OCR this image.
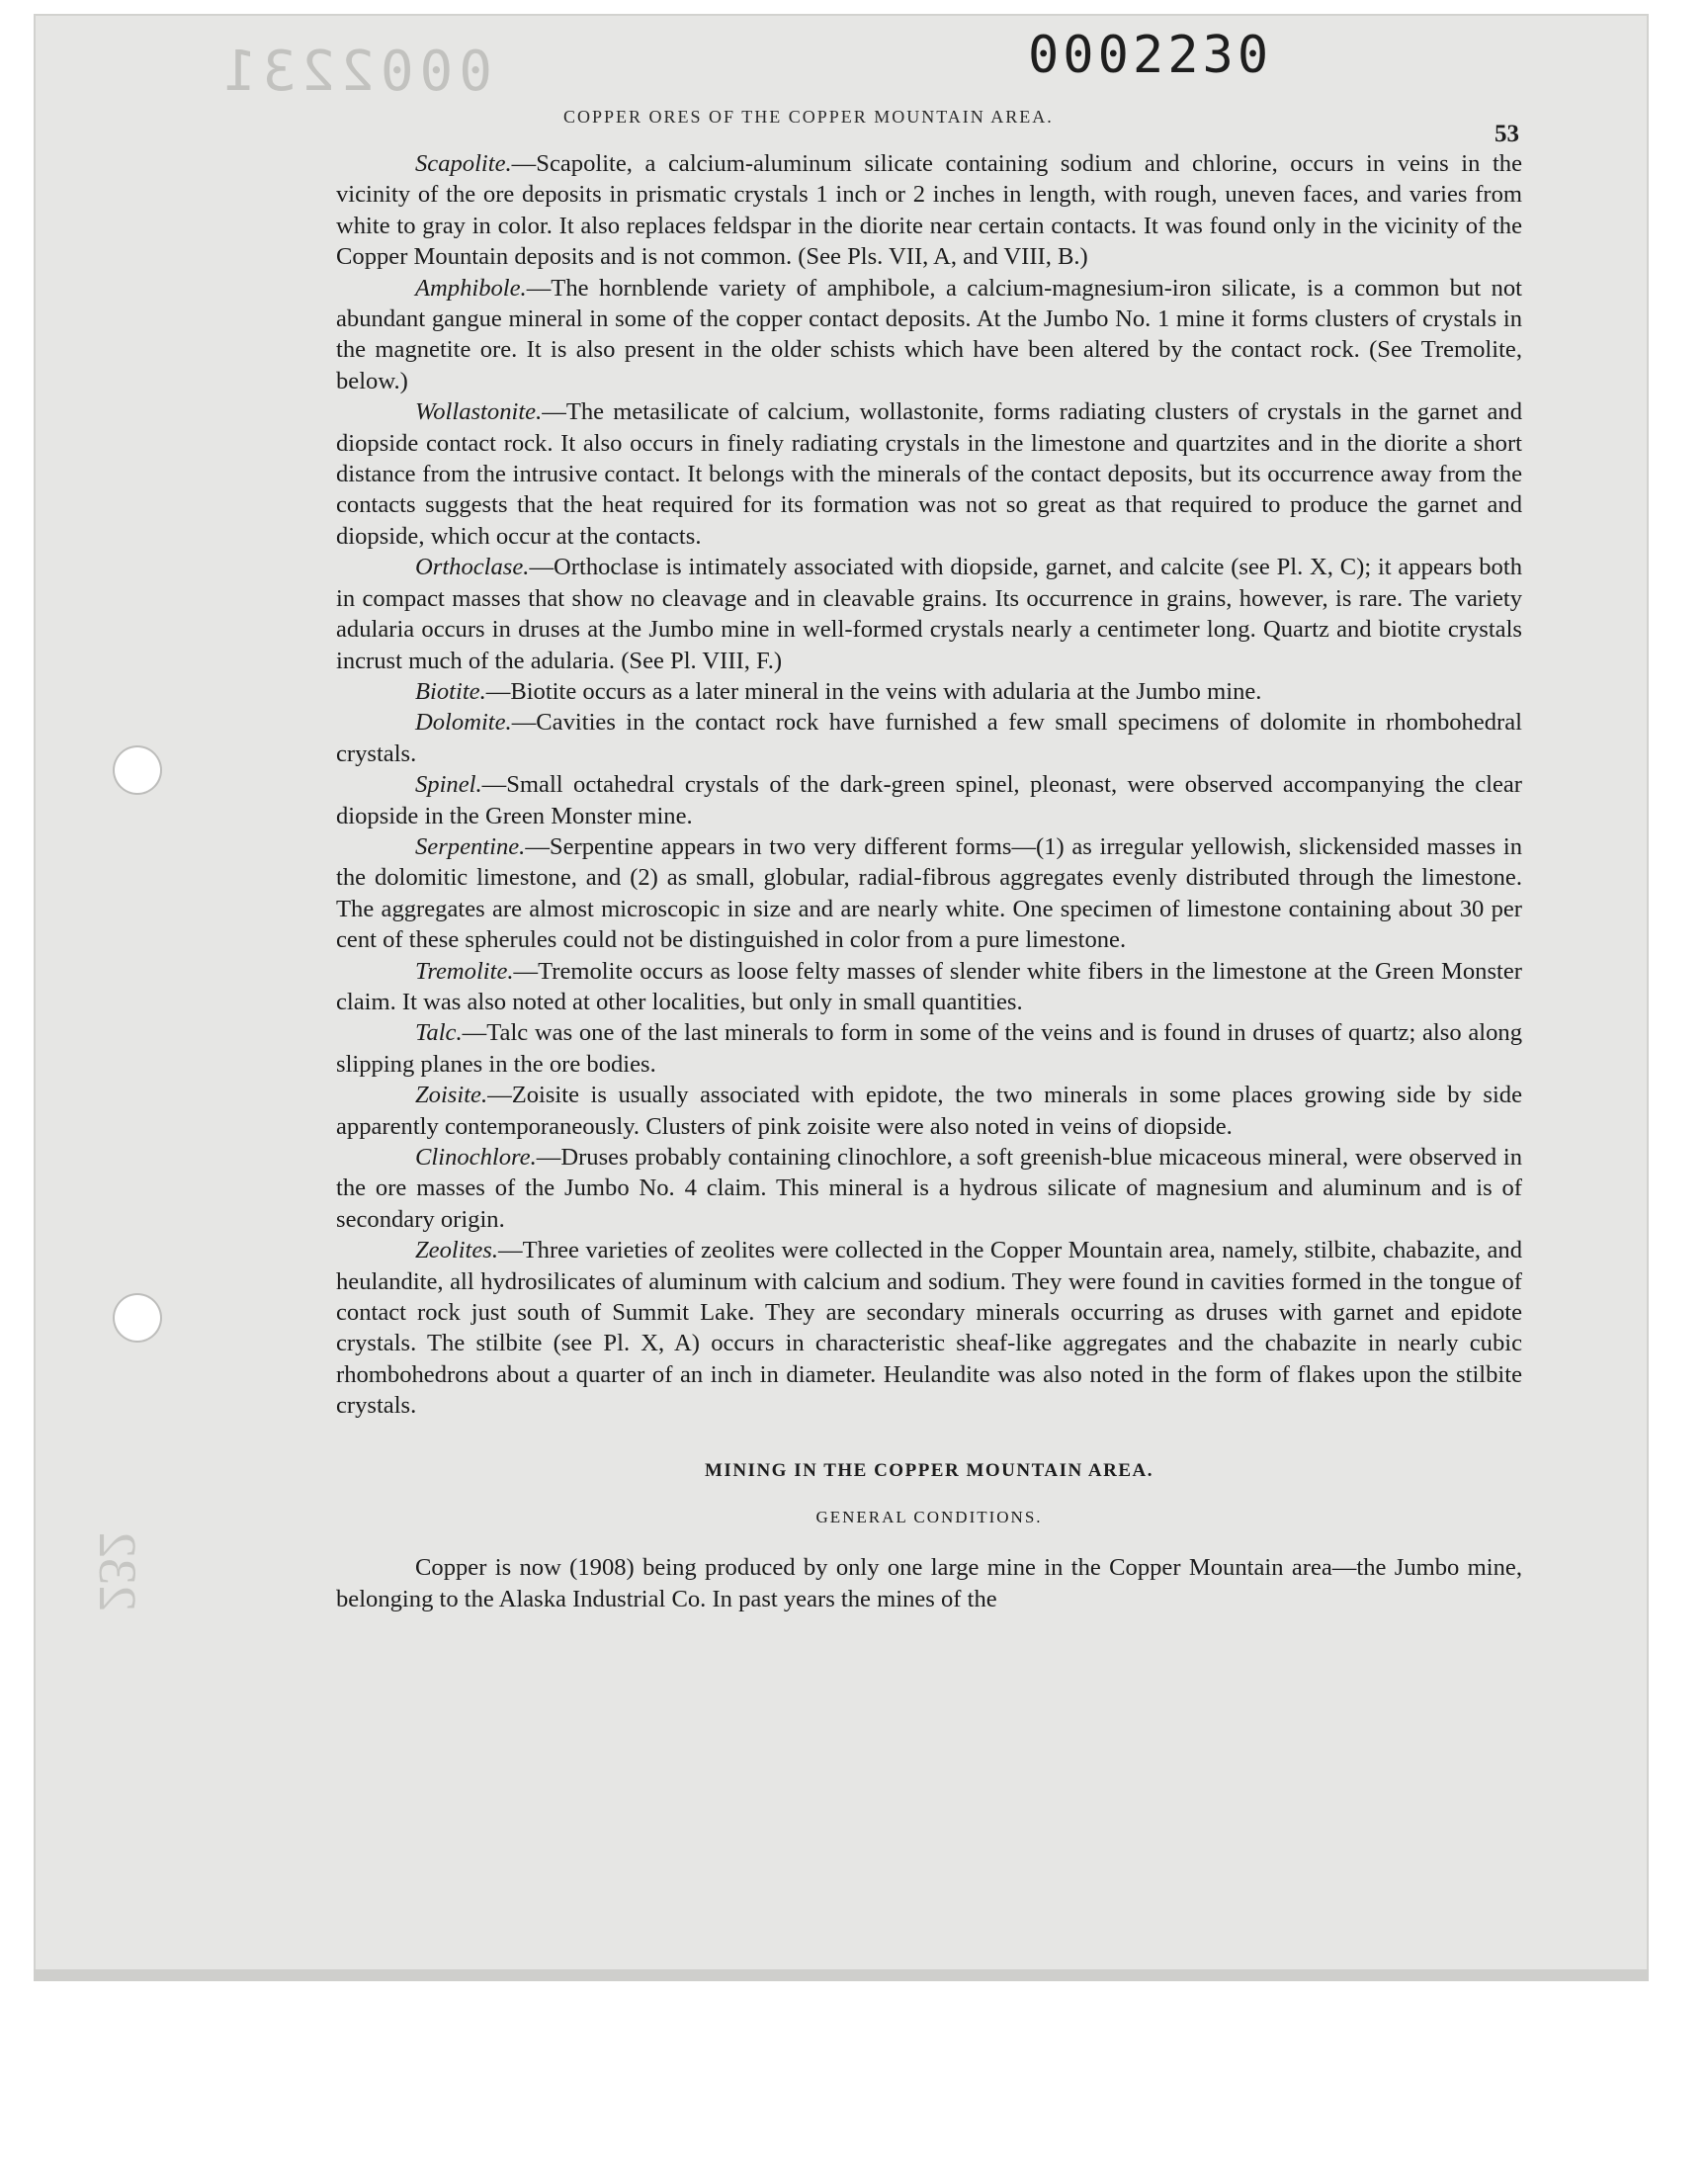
0002231	0002230
232
COPPER ORES OF THE COPPER MOUNTAIN AREA.
53

Scapolite.—Scapolite, a calcium-aluminum silicate containing sodium and chlorine, occurs in veins in the vicinity of the ore deposits in prismatic crystals 1 inch or 2 inches in length, with rough, uneven faces, and varies from white to gray in color. It also replaces feldspar in the diorite near certain contacts. It was found only in the vicinity of the Copper Mountain deposits and is not common. (See Pls. VII, A, and VIII, B.)

Amphibole.—The hornblende variety of amphibole, a calcium-magnesium-iron silicate, is a common but not abundant gangue mineral in some of the copper contact deposits. At the Jumbo No. 1 mine it forms clusters of crystals in the magnetite ore. It is also present in the older schists which have been altered by the contact rock. (See Tremolite, below.)

Wollastonite.—The metasilicate of calcium, wollastonite, forms radiating clusters of crystals in the garnet and diopside contact rock. It also occurs in finely radiating crystals in the limestone and quartzites and in the diorite a short distance from the intrusive contact. It belongs with the minerals of the contact deposits, but its occurrence away from the contacts suggests that the heat required for its formation was not so great as that required to produce the garnet and diopside, which occur at the contacts.

Orthoclase.—Orthoclase is intimately associated with diopside, garnet, and calcite (see Pl. X, C); it appears both in compact masses that show no cleavage and in cleavable grains. Its occurrence in grains, however, is rare. The variety adularia occurs in druses at the Jumbo mine in well-formed crystals nearly a centimeter long. Quartz and biotite crystals incrust much of the adularia. (See Pl. VIII, F.)

Biotite.—Biotite occurs as a later mineral in the veins with adularia at the Jumbo mine.

Dolomite.—Cavities in the contact rock have furnished a few small specimens of dolomite in rhombohedral crystals.

Spinel.—Small octahedral crystals of the dark-green spinel, pleonast, were observed accompanying the clear diopside in the Green Monster mine.

Serpentine.—Serpentine appears in two very different forms—(1) as irregular yellowish, slickensided masses in the dolomitic limestone, and (2) as small, globular, radial-fibrous aggregates evenly distributed through the limestone. The aggregates are almost microscopic in size and are nearly white. One specimen of limestone containing about 30 per cent of these spherules could not be distinguished in color from a pure limestone.

Tremolite.—Tremolite occurs as loose felty masses of slender white fibers in the limestone at the Green Monster claim. It was also noted at other localities, but only in small quantities.

Talc.—Talc was one of the last minerals to form in some of the veins and is found in druses of quartz; also along slipping planes in the ore bodies.

Zoisite.—Zoisite is usually associated with epidote, the two minerals in some places growing side by side apparently contemporaneously. Clusters of pink zoisite were also noted in veins of diopside.

Clinochlore.—Druses probably containing clinochlore, a soft greenish-blue micaceous mineral, were observed in the ore masses of the Jumbo No. 4 claim. This mineral is a hydrous silicate of magnesium and aluminum and is of secondary origin.

Zeolites.—Three varieties of zeolites were collected in the Copper Mountain area, namely, stilbite, chabazite, and heulandite, all hydrosilicates of aluminum with calcium and sodium. They were found in cavities formed in the tongue of contact rock just south of Summit Lake. They are secondary minerals occurring as druses with garnet and epidote crystals. The stilbite (see Pl. X, A) occurs in characteristic sheaf-like aggregates and the chabazite in nearly cubic rhombohedrons about a quarter of an inch in diameter. Heulandite was also noted in the form of flakes upon the stilbite crystals.

MINING IN THE COPPER MOUNTAIN AREA.
GENERAL CONDITIONS.

Copper is now (1908) being produced by only one large mine in the Copper Mountain area—the Jumbo mine, belonging to the Alaska Industrial Co. In past years the mines of the
